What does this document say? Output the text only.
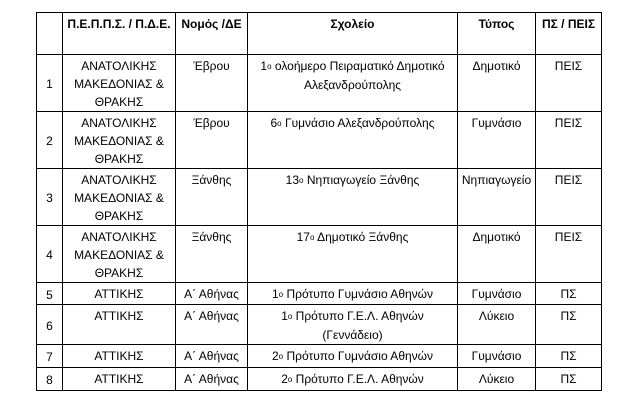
	Π.Ε.Π.Π.Σ. / Π.Δ.Ε.	Νομός /ΔΕ	Σχολείο	Τύπος	ΠΣ / ΠΕΙΣ
1	ΑΝΑΤΟΛΙΚΗΣ ΜΑΚΕΔΟΝΙΑΣ & ΘΡΑΚΗΣ	Έβρου	$1^o$ ολοήμερο Πειραματικό Δημοτικό Αλεξανδρούπολης	Δημοτικό	ΠΕΙΣ
2	ΑΝΑΤΟΛΙΚΗΣ ΜΑΚΕΔΟΝΙΑΣ & ΘΡΑΚΗΣ	Έβρου	$6^o$ Γυμνάσιο Αλεξανδρούπολης	Γυμνάσιο	ΠΕΙΣ
3	ΑΝΑΤΟΛΙΚΗΣ ΜΑΚΕΔΟΝΙΑΣ & ΘΡΑΚΗΣ	Ξάνθης	$13^o$ Νηπιαγωγείο Ξάνθης	Νηπιαγωγείο	ΠΕΙΣ
4	ΑΝΑΤΟΛΙΚΗΣ ΜΑΚΕΔΟΝΙΑΣ & ΘΡΑΚΗΣ	Ξάνθης	$17^o$ Δημοτικό Ξάνθης	Δημοτικό	ΠΕΙΣ
5	ΑΤΤΙΚΗΣ	Α΄ Αθήνας	$1^o$ Πρότυπο Γυμνάσιο Αθηνών	Γυμνάσιο	ΠΣ
6	ΑΤΤΙΚΗΣ	Α΄ Αθήνας	$1^o$ Πρότυπο Γ.Ε.Λ. Αθηνών (Γεννάδειο)	Λύκειο	ΠΣ
7	ΑΤΤΙΚΗΣ	Α΄ Αθήνας	$2^o$ Πρότυπο Γυμνάσιο Αθηνών	Γυμνάσιο	ΠΣ
8	ΑΤΤΙΚΗΣ	Α΄ Αθήνας	$2^o$ Πρότυπο Γ.Ε.Λ. Αθηνών	Λύκειο	ΠΣ
